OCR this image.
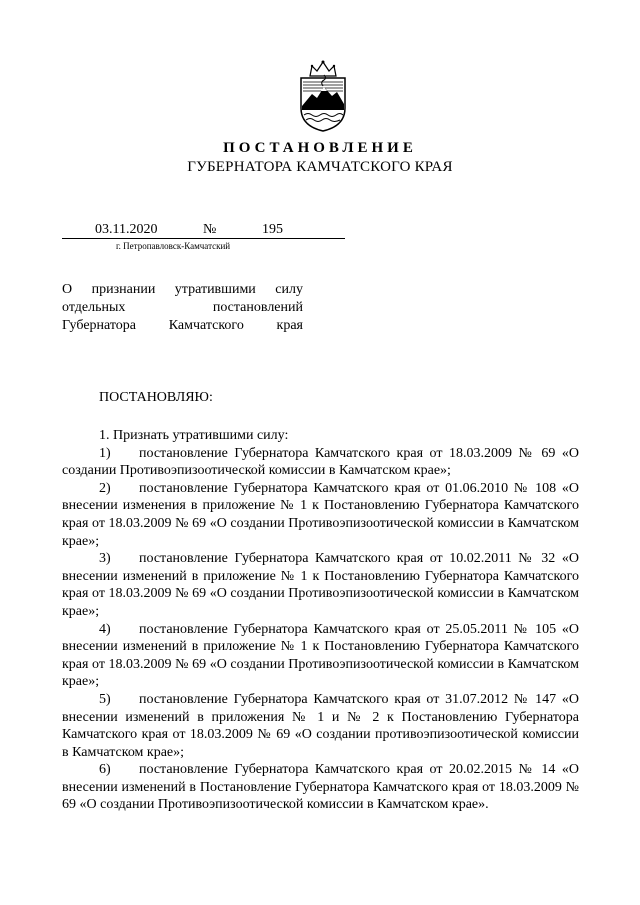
ПОСТАНОВЛЕНИЕ
ГУБЕРНАТОРА КАМЧАТСКОГО КРАЯ
03.11.2020	№	195
г. Петропавловск-Камчатский
О признании утратившими силу
отдельных постановлений
Губернатора Камчатского края
ПОСТАНОВЛЯЮ:

1. Признать утратившими силу:

1) постановление Губернатора Камчатского края от 18.03.2009 № 69 «О создании Противоэпизоотической комиссии в Камчатском крае»;

2) постановление Губернатора Камчатского края от 01.06.2010 № 108 «О внесении изменения в приложение № 1 к Постановлению Губернатора Камчатского края от 18.03.2009 № 69 «О создании Противоэпизоотической комиссии в Камчатском крае»;

3) постановление Губернатора Камчатского края от 10.02.2011 № 32 «О внесении изменений в приложение № 1 к Постановлению Губернатора Камчатского края от 18.03.2009 № 69 «О создании Противоэпизоотической комиссии в Камчатском крае»;

4) постановление Губернатора Камчатского края от 25.05.2011 № 105 «О внесении изменений в приложение № 1 к Постановлению Губернатора Камчатского края от 18.03.2009 № 69 «О создании Противоэпизоотической комиссии в Камчатском крае»;

5) постановление Губернатора Камчатского края от 31.07.2012 № 147 «О внесении изменений в приложения № 1 и № 2 к Постановлению Губернатора Камчатского края от 18.03.2009 № 69 «О создании противоэпизоотической комиссии в Камчатском крае»;

6) постановление Губернатора Камчатского края от 20.02.2015 № 14 «О внесении изменений в Постановление Губернатора Камчатского края от 18.03.2009 № 69 «О создании Противоэпизоотической комиссии в Камчатском крае».
